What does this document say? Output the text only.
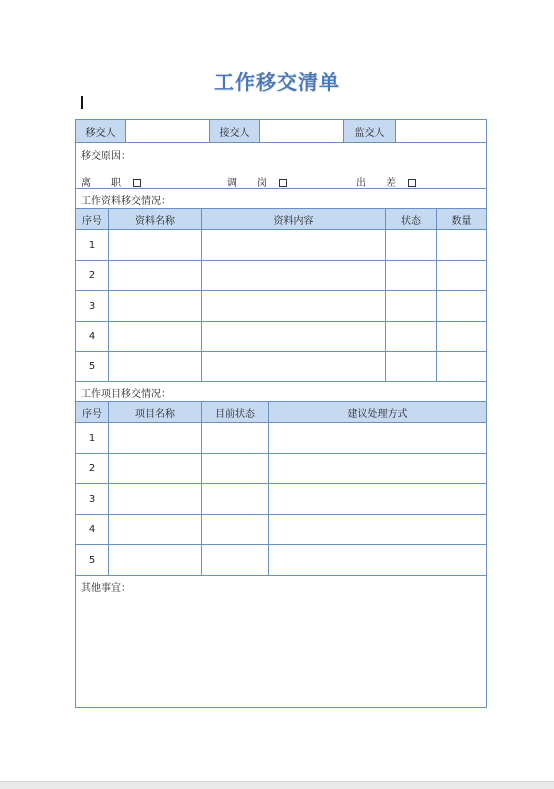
工作移交清单
移交人	接交人	监交人
移交原因：
离　　职	调　　岗	出　　差
工作资料移交情况：
序号	资料名称	资料内容	状态	数量
1
2
3
4
5
工作项目移交情况：
序号	项目名称	目前状态	建议处理方式
1
2
3
4
5
其他事宜：
